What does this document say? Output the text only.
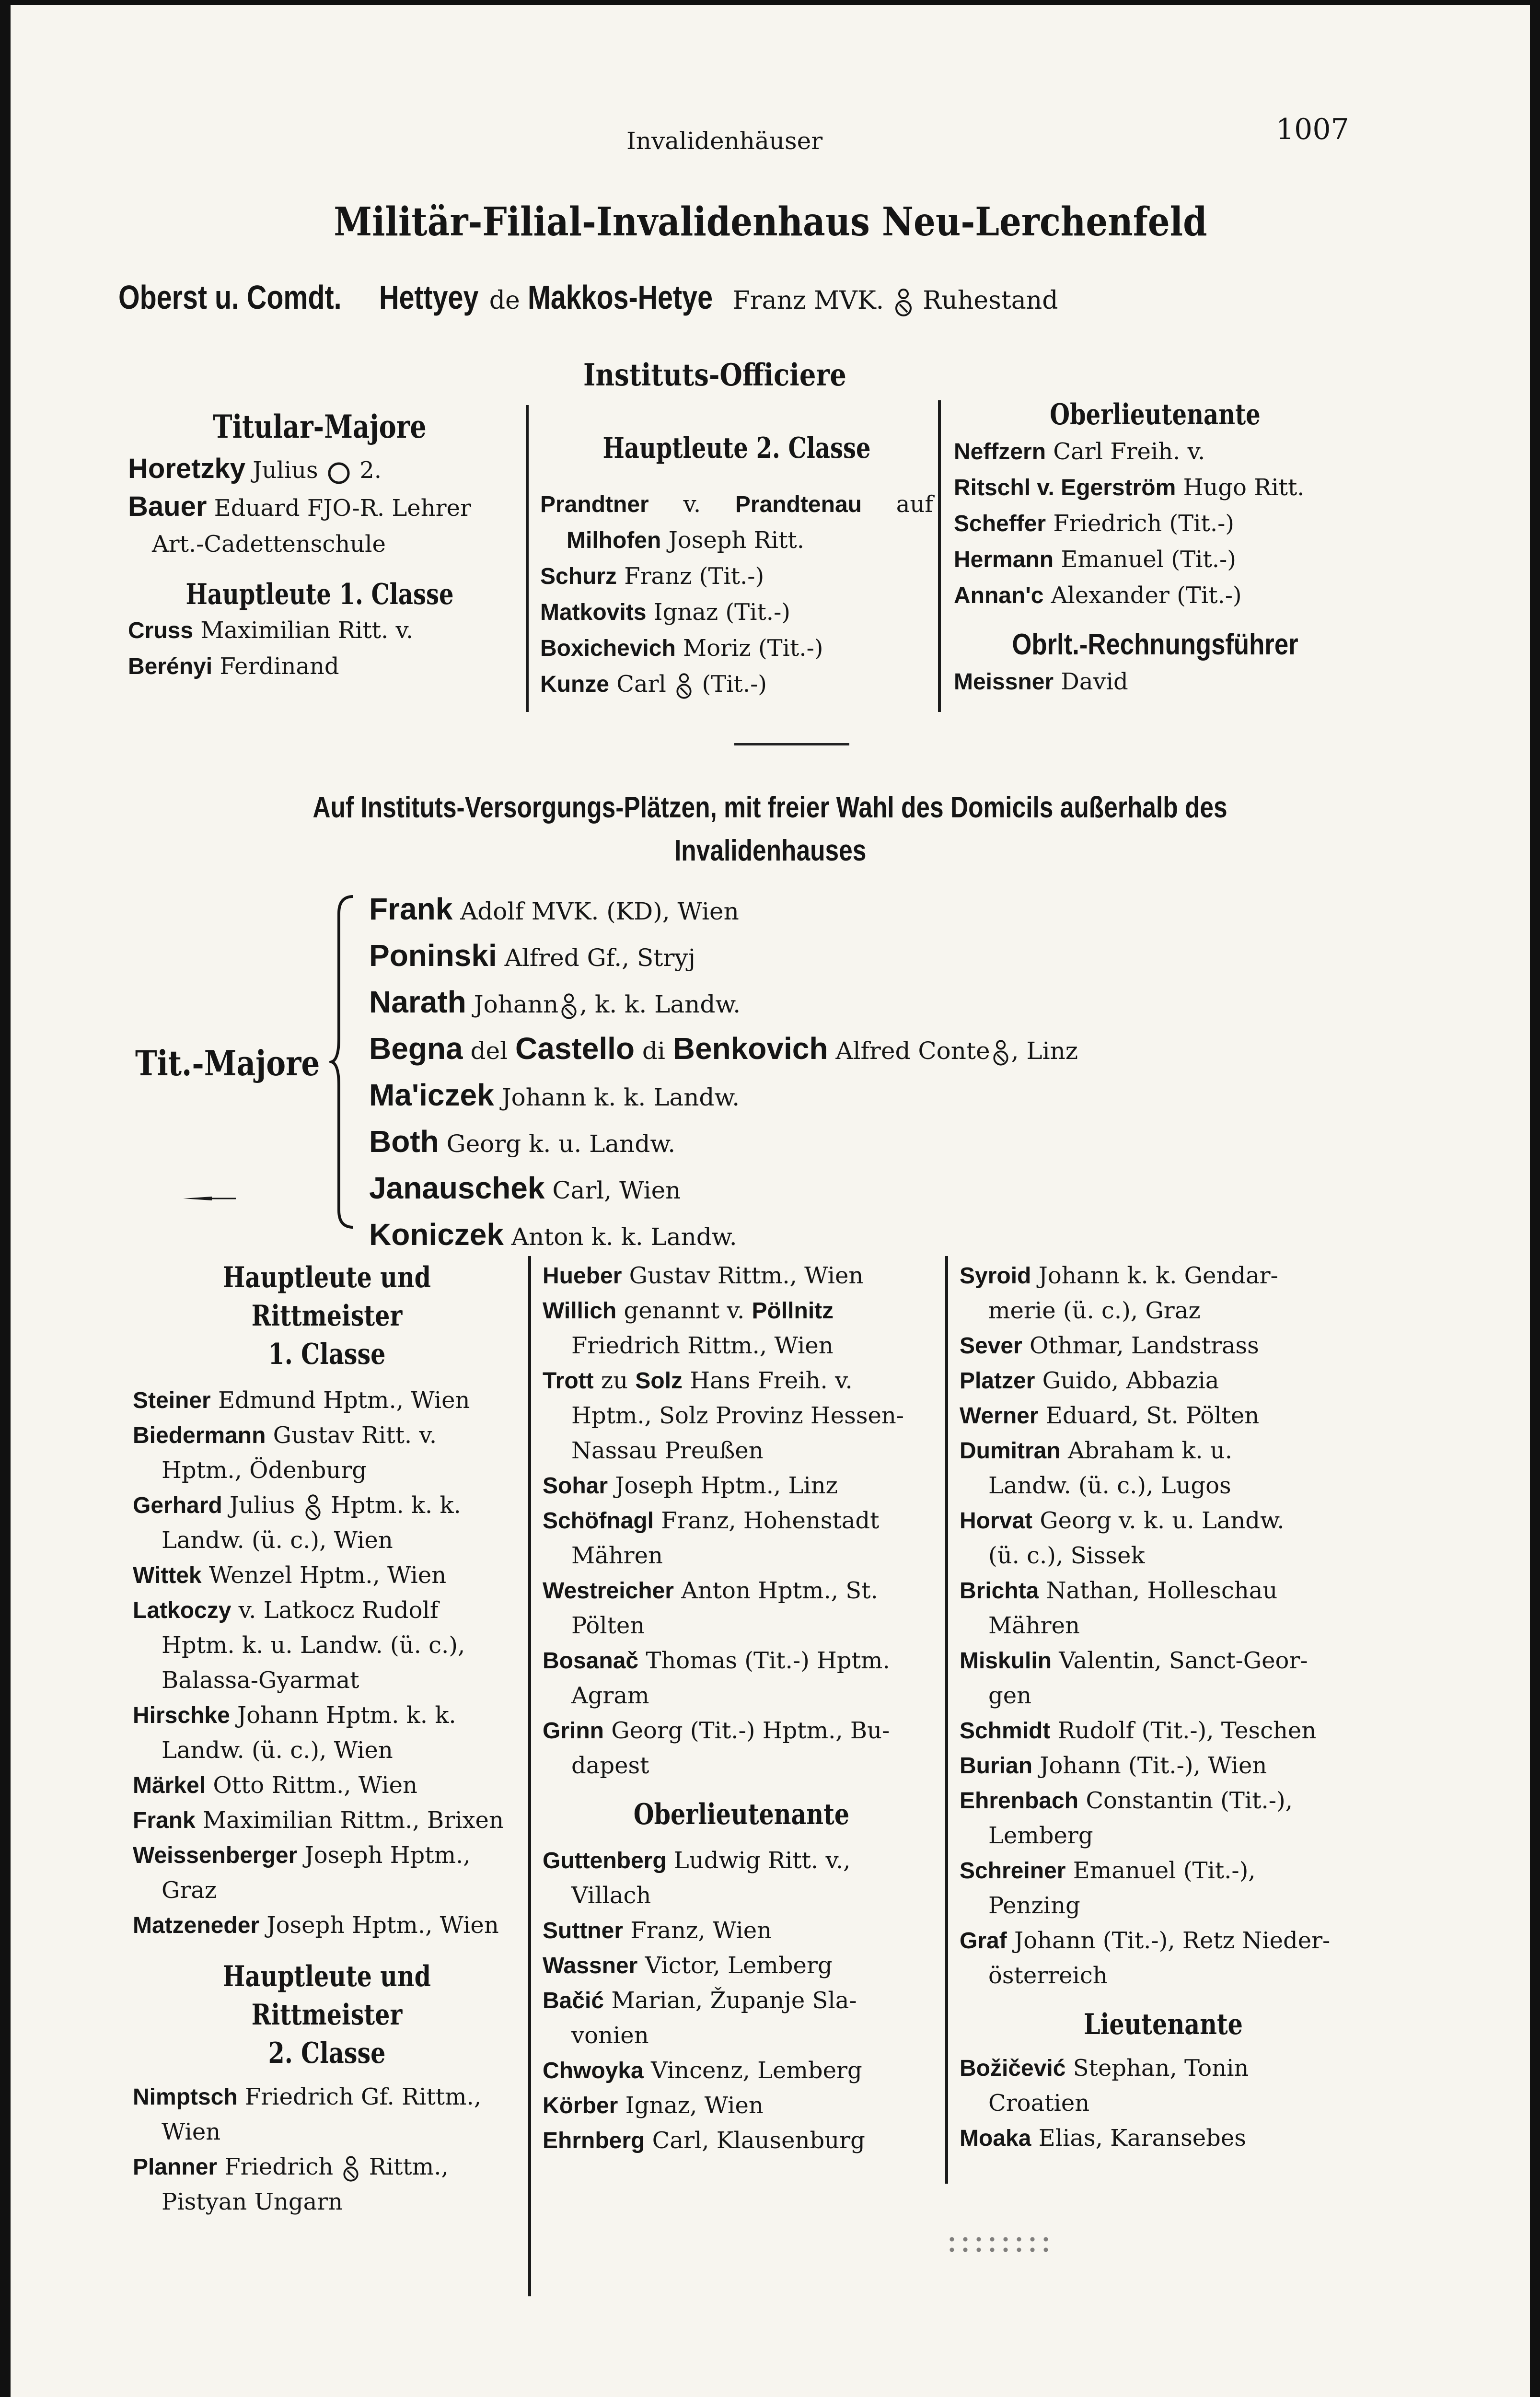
Invalidenhäuser	1007
Militär-Filial-Invalidenhaus Neu-Lerchenfeld
Oberst u. Comdt. Hettyey de Makkos-Hetye Franz MVK. Ruhestand
Instituts-Officiere
Titular-Majore
Horetzky Julius 2.
Bauer Eduard FJO-R. Lehrer
Art.-Cadettenschule
Hauptleute 1. Classe
Cruss Maximilian Ritt. v.
Berényi Ferdinand
Hauptleute 2. Classe
Prandtner v. Prandtenau auf
Milhofen Joseph Ritt.
Schurz Franz (Tit.-)
Matkovits Ignaz (Tit.-)
Boxichevich Moriz (Tit.-)
Kunze Carl (Tit.-)
Oberlieutenante
Neffzern Carl Freih. v.
Ritschl v. Egerström Hugo Ritt.
Scheffer Friedrich (Tit.-)
Hermann Emanuel (Tit.-)
Annan'c Alexander (Tit.-)
Obrlt.-Rechnungsführer
Meissner David
Auf Instituts-Versorgungs-Plätzen, mit freier Wahl des Domicils außerhalb des
Invalidenhauses
Tit.-Majore
Frank Adolf MVK. (KD), Wien
Poninski Alfred Gf., Stryj
Narath Johann , k. k. Landw.
Begna del Castello di Benkovich Alfred Conte , Linz
Ma'iczek Johann k. k. Landw.
Both Georg k. u. Landw.
Janauschek Carl, Wien
Koniczek Anton k. k. Landw.
Hauptleute und Rittmeister
1. Classe
Steiner Edmund Hptm., Wien
Biedermann Gustav Ritt. v.
Hptm., Ödenburg
Gerhard Julius Hptm. k. k.
Landw. (ü. c.), Wien
Wittek Wenzel Hptm., Wien
Latkoczy v. Latkocz Rudolf
Hptm. k. u. Landw. (ü. c.),
Balassa-Gyarmat
Hirschke Johann Hptm. k. k.
Landw. (ü. c.), Wien
Märkel Otto Rittm., Wien
Frank Maximilian Rittm., Brixen
Weissenberger Joseph Hptm.,
Graz
Matzeneder Joseph Hptm., Wien
Hauptleute und Rittmeister
2. Classe
Nimptsch Friedrich Gf. Rittm.,
Wien
Planner Friedrich Rittm.,
Pistyan Ungarn
Hueber Gustav Rittm., Wien
Willich genannt v. Pöllnitz
Friedrich Rittm., Wien
Trott zu Solz Hans Freih. v.
Hptm., Solz Provinz Hessen-
Nassau Preußen
Sohar Joseph Hptm., Linz
Schöfnagl Franz, Hohenstadt
Mähren
Westreicher Anton Hptm., St.
Pölten
Bosanač Thomas (Tit.-) Hptm.
Agram
Grinn Georg (Tit.-) Hptm., Bu-
dapest
Oberlieutenante
Guttenberg Ludwig Ritt. v.,
Villach
Suttner Franz, Wien
Wassner Victor, Lemberg
Bačić Marian, Županje Sla-
vonien
Chwoyka Vincenz, Lemberg
Körber Ignaz, Wien
Ehrnberg Carl, Klausenburg
Syroid Johann k. k. Gendar-
merie (ü. c.), Graz
Sever Othmar, Landstrass
Platzer Guido, Abbazia
Werner Eduard, St. Pölten
Dumitran Abraham k. u.
Landw. (ü. c.), Lugos
Horvat Georg v. k. u. Landw.
(ü. c.), Sissek
Brichta Nathan, Holleschau
Mähren
Miskulin Valentin, Sanct-Geor-
gen
Schmidt Rudolf (Tit.-), Teschen
Burian Johann (Tit.-), Wien
Ehrenbach Constantin (Tit.-),
Lemberg
Schreiner Emanuel (Tit.-),
Penzing
Graf Johann (Tit.-), Retz Nieder-
österreich
Lieutenante
Božičević Stephan, Tonin
Croatien
Moaka Elias, Karansebes
